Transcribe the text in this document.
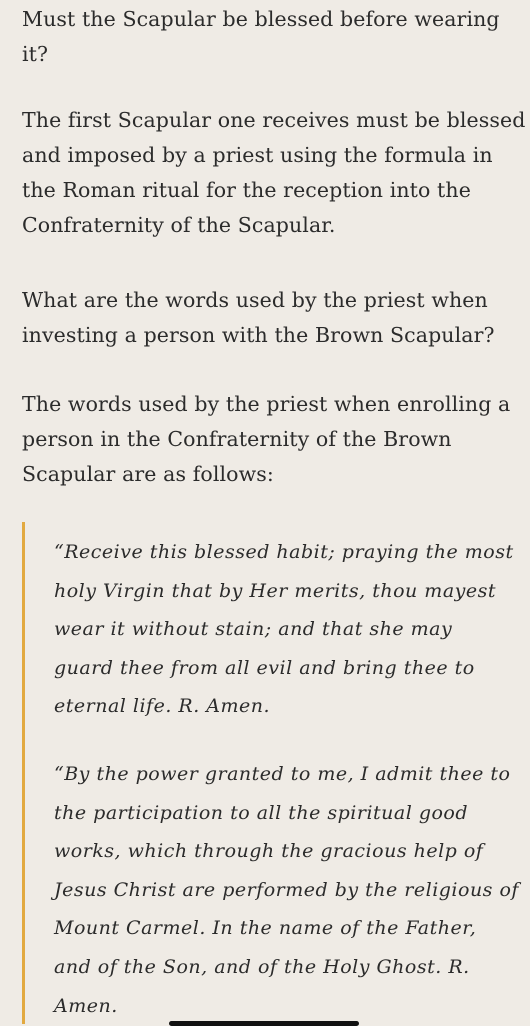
Must the Scapular be blessed before wearing
it?

The first Scapular one receives must be blessed
and imposed by a priest using the formula in
the Roman ritual for the reception into the
Confraternity of the Scapular.

What are the words used by the priest when
investing a person with the Brown Scapular?

The words used by the priest when enrolling a
person in the Confraternity of the Brown
Scapular are as follows:

“Receive this blessed habit; praying the most
holy Virgin that by Her merits, thou mayest
wear it without stain; and that she may
guard thee from all evil and bring thee to
eternal life. R. Amen.

“By the power granted to me, I admit thee to
the participation to all the spiritual good
works, which through the gracious help of
Jesus Christ are performed by the religious of
Mount Carmel. In the name of the Father,
and of the Son, and of the Holy Ghost. R.
Amen.
